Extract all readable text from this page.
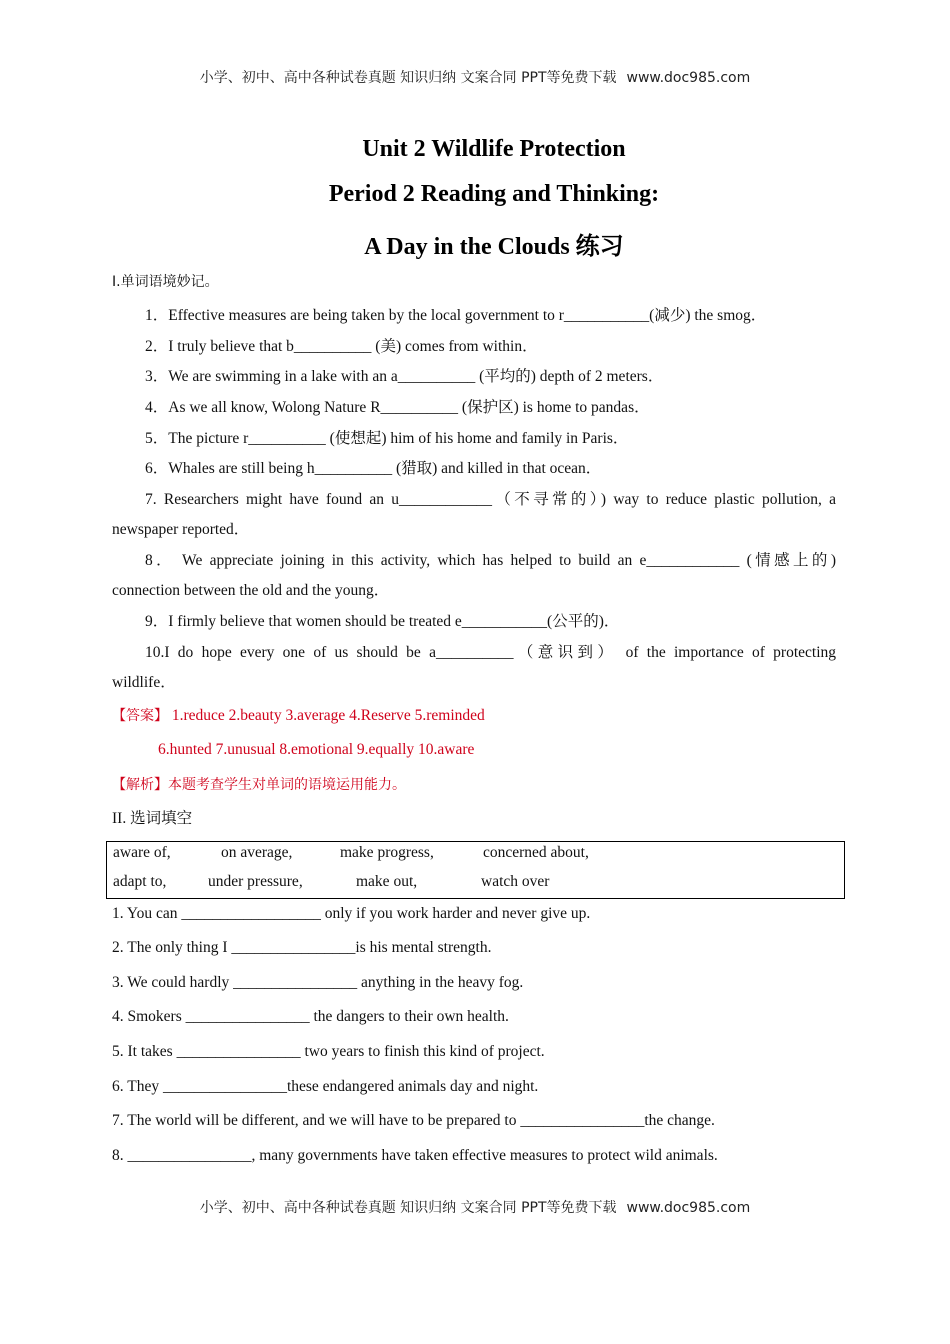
小学、初中、高中各种试卷真题 知识归纳 文案合同 PPT等免费下载 www.doc985.com
Unit 2 Wildlife Protection
Period 2 Reading and Thinking:
A Day in the Clouds 练习
Ⅰ.单词语境妙记。
1．Effective measures are being taken by the local government to r___________(减少) the smog．
2．I truly believe that b__________ (美) comes from within．
3．We are swimming in a lake with an a__________ (平均的) depth of 2 meters．
4．As we all know, Wolong Nature R__________ (保护区) is home to pandas．
5．The picture r__________ (使想起) him of his home and family in Paris．
6．Whales are still being h__________ (猎取) and killed in that ocean．
7. Researchers might have found an u____________（不寻常的）) way to reduce plastic pollution, a
newspaper reported．
8． We appreciate joining in this activity, which has helped to build an e____________ (情感上的)
connection between the old and the young．
9．I firmly believe that women should be treated e___________(公平的)．
10.I do hope every one of us should be a__________（意识到） of the importance of protecting
wildlife．
【答案】 1.reduce 2.beauty 3.average 4.Reserve 5.reminded
6.hunted 7.unusual 8.emotional 9.equally 10.aware
【解析】本题考查学生对单词的语境运用能力。
II. 选词填空
aware of,	on average,	make progress,	concerned about,
adapt to,	under pressure,	make out,	watch over
1. You can __________________ only if you work harder and never give up.
2. The only thing I ________________is his mental strength.
3. We could hardly ________________ anything in the heavy fog.
4. Smokers ________________ the dangers to their own health.
5. It takes ________________ two years to finish this kind of project.
6. They ________________these endangered animals day and night.
7. The world will be different, and we will have to be prepared to ________________the change.
8. ________________, many governments have taken effective measures to protect wild animals.
小学、初中、高中各种试卷真题 知识归纳 文案合同 PPT等免费下载 www.doc985.com
